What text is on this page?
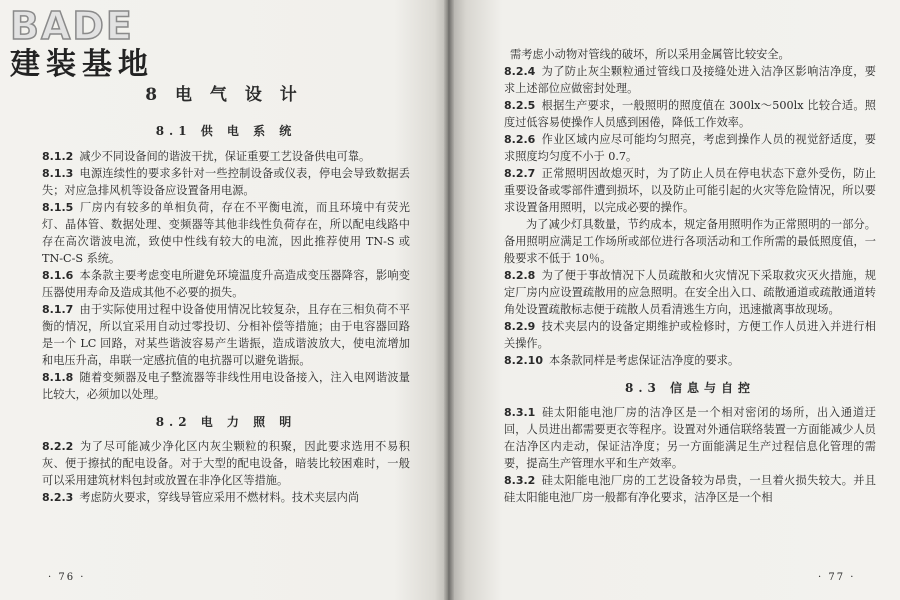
BADE
建装基地
8 电 气 设 计
8.1 供 电 系 统

8.1.2 减少不同设备间的谐波干扰，保证重要工艺设备供电可靠。

8.1.3 电源连续性的要求多针对一些控制设备或仪表，停电会导致数据丢失；对应急排风机等设备应设置备用电源。

8.1.5 厂房内有较多的单相负荷，存在不平衡电流，而且环境中有荧光灯、晶体管、数据处理、变频器等其他非线性负荷存在，所以配电线路中存在高次谐波电流，致使中性线有较大的电流，因此推荐使用 TN-S 或 TN-C-S 系统。

8.1.6 本条款主要考虑变电所避免环境温度升高造成变压器降容，影响变压器使用寿命及造成其他不必要的损失。

8.1.7 由于实际使用过程中设备使用情况比较复杂，且存在三相负荷不平衡的情况，所以宜采用自动过零投切、分相补偿等措施；由于电容器回路是一个 LC 回路，对某些谐波容易产生谐振，造成谐波放大，使电流增加和电压升高，串联一定感抗值的电抗器可以避免谐振。

8.1.8 随着变频器及电子整流器等非线性用电设备接入，注入电网谐波量比较大，必须加以处理。

8.2 电 力 照 明

8.2.2 为了尽可能减少净化区内灰尘颗粒的积聚，因此要求选用不易积灰、便于擦拭的配电设备。对于大型的配电设备，暗装比较困难时，一般可以采用建筑材料包封或放置在非净化区等措施。

8.2.3 考虑防火要求，穿线导管应采用不燃材料。技术夹层内尚

· 76 ·

需考虑小动物对管线的破坏，所以采用金属管比较安全。

8.2.4 为了防止灰尘颗粒通过管线口及接缝处进入洁净区影响洁净度，要求上述部位应做密封处理。

8.2.5 根据生产要求，一般照明的照度值在 300lx～500lx 比较合适。照度过低容易使操作人员感到困倦，降低工作效率。

8.2.6 作业区域内应尽可能均匀照亮，考虑到操作人员的视觉舒适度，要求照度均匀度不小于 0.7。

8.2.7 正常照明因故熄灭时，为了防止人员在停电状态下意外受伤，防止重要设备或零部件遭到损坏，以及防止可能引起的火灾等危险情况，所以要求设置备用照明，以完成必要的操作。

为了减少灯具数量，节约成本，规定备用照明作为正常照明的一部分。备用照明应满足工作场所或部位进行各项活动和工作所需的最低照度值，一般要求不低于 10％。

8.2.8 为了便于事故情况下人员疏散和火灾情况下采取救灾灭火措施，规定厂房内应设置疏散用的应急照明。在安全出入口、疏散通道或疏散通道转角处设置疏散标志便于疏散人员看清逃生方向，迅速撤离事故现场。

8.2.9 技术夹层内的设备定期维护或检修时，方便工作人员进入并进行相关操作。

8.2.10 本条款同样是考虑保证洁净度的要求。

8.3 信息与自控

8.3.1 硅太阳能电池厂房的洁净区是一个相对密闭的场所，出入通道迂回，人员进出都需要更衣等程序。设置对外通信联络装置一方面能减少人员在洁净区内走动，保证洁净度；另一方面能满足生产过程信息化管理的需要，提高生产管理水平和生产效率。

8.3.2 硅太阳能电池厂房的工艺设备较为昂贵，一旦着火损失较大。并且硅太阳能电池厂房一般都有净化要求，洁净区是一个相

· 77 ·
